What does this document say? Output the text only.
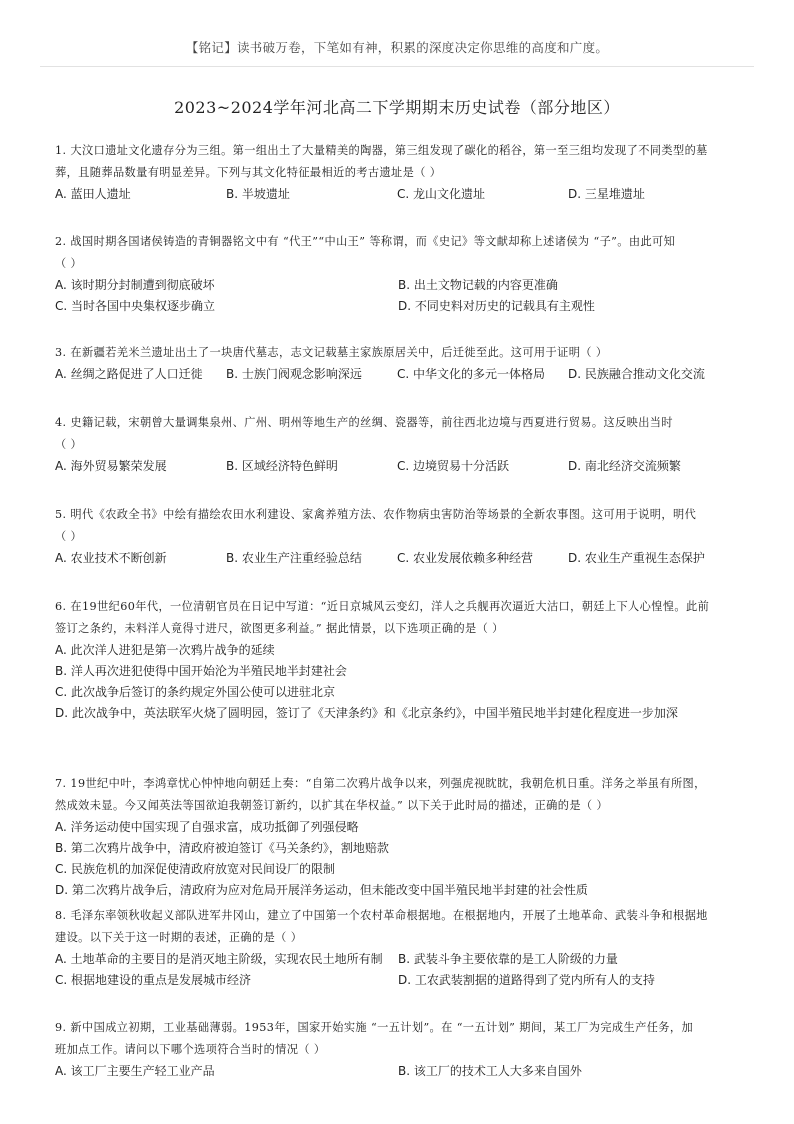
【铭记】读书破万卷，下笔如有神，积累的深度决定你思维的高度和广度。
2023~2024学年河北高二下学期期末历史试卷（部分地区）
1. 大汶口遗址文化遗存分为三组。第一组出土了大量精美的陶器，第三组发现了碳化的稻谷，第一至三组均发现了不同类型的墓
葬，且随葬品数量有明显差异。下列与其文化特征最相近的考古遗址是（ ）
A. 蓝田人遗址	B. 半坡遗址	C. 龙山文化遗址	D. 三星堆遗址
2. 战国时期各国诸侯铸造的青铜器铭文中有 “代王”“中山王” 等称谓，而《史记》等文献却称上述诸侯为 “子”。由此可知
（ ）
A. 该时期分封制遭到彻底破坏	B. 出土文物记载的内容更准确
C. 当时各国中央集权逐步确立	D. 不同史料对历史的记载具有主观性
3. 在新疆若羌米兰遗址出土了一块唐代墓志，志文记载墓主家族原居关中，后迁徙至此。这可用于证明（ ）
A. 丝绸之路促进了人口迁徙	B. 士族门阀观念影响深远	C. 中华文化的多元一体格局	D. 民族融合推动文化交流
4. 史籍记载，宋朝曾大量调集泉州、广州、明州等地生产的丝绸、瓷器等，前往西北边境与西夏进行贸易。这反映出当时
（ ）
A. 海外贸易繁荣发展	B. 区域经济特色鲜明	C. 边境贸易十分活跃	D. 南北经济交流频繁
5. 明代《农政全书》中绘有描绘农田水利建设、家禽养殖方法、农作物病虫害防治等场景的全新农事图。这可用于说明，明代
（ ）
A. 农业技术不断创新	B. 农业生产注重经验总结	C. 农业发展依赖多种经营	D. 农业生产重视生态保护
6. 在19世纪60年代，一位清朝官员在日记中写道：“近日京城风云变幻，洋人之兵舰再次逼近大沽口，朝廷上下人心惶惶。此前
签订之条约，未料洋人竟得寸进尺，欲图更多利益。” 据此情景，以下选项正确的是（ ）
A. 此次洋人进犯是第一次鸦片战争的延续
B. 洋人再次进犯使得中国开始沦为半殖民地半封建社会
C. 此次战争后签订的条约规定外国公使可以进驻北京
D. 此次战争中，英法联军火烧了圆明园，签订了《天津条约》和《北京条约》，中国半殖民地半封建化程度进一步加深
7. 19世纪中叶，李鸿章忧心忡忡地向朝廷上奏：“自第二次鸦片战争以来，列强虎视眈眈，我朝危机日重。洋务之举虽有所图，
然成效未显。今又闻英法等国欲迫我朝签订新约，以扩其在华权益。” 以下关于此时局的描述，正确的是（ ）
A. 洋务运动使中国实现了自强求富，成功抵御了列强侵略
B. 第二次鸦片战争中，清政府被迫签订《马关条约》，割地赔款
C. 民族危机的加深促使清政府放宽对民间设厂的限制
D. 第二次鸦片战争后，清政府为应对危局开展洋务运动，但未能改变中国半殖民地半封建的社会性质
8. 毛泽东率领秋收起义部队进军井冈山，建立了中国第一个农村革命根据地。在根据地内，开展了土地革命、武装斗争和根据地
建设。以下关于这一时期的表述，正确的是（ ）
A. 土地革命的主要目的是消灭地主阶级，实现农民土地所有制	B. 武装斗争主要依靠的是工人阶级的力量
C. 根据地建设的重点是发展城市经济	D. 工农武装割据的道路得到了党内所有人的支持
9. 新中国成立初期，工业基础薄弱。1953年，国家开始实施 “一五计划”。在 “一五计划” 期间，某工厂为完成生产任务，加
班加点工作。请问以下哪个选项符合当时的情况（ ）
A. 该工厂主要生产轻工业产品	B. 该工厂的技术工人大多来自国外
